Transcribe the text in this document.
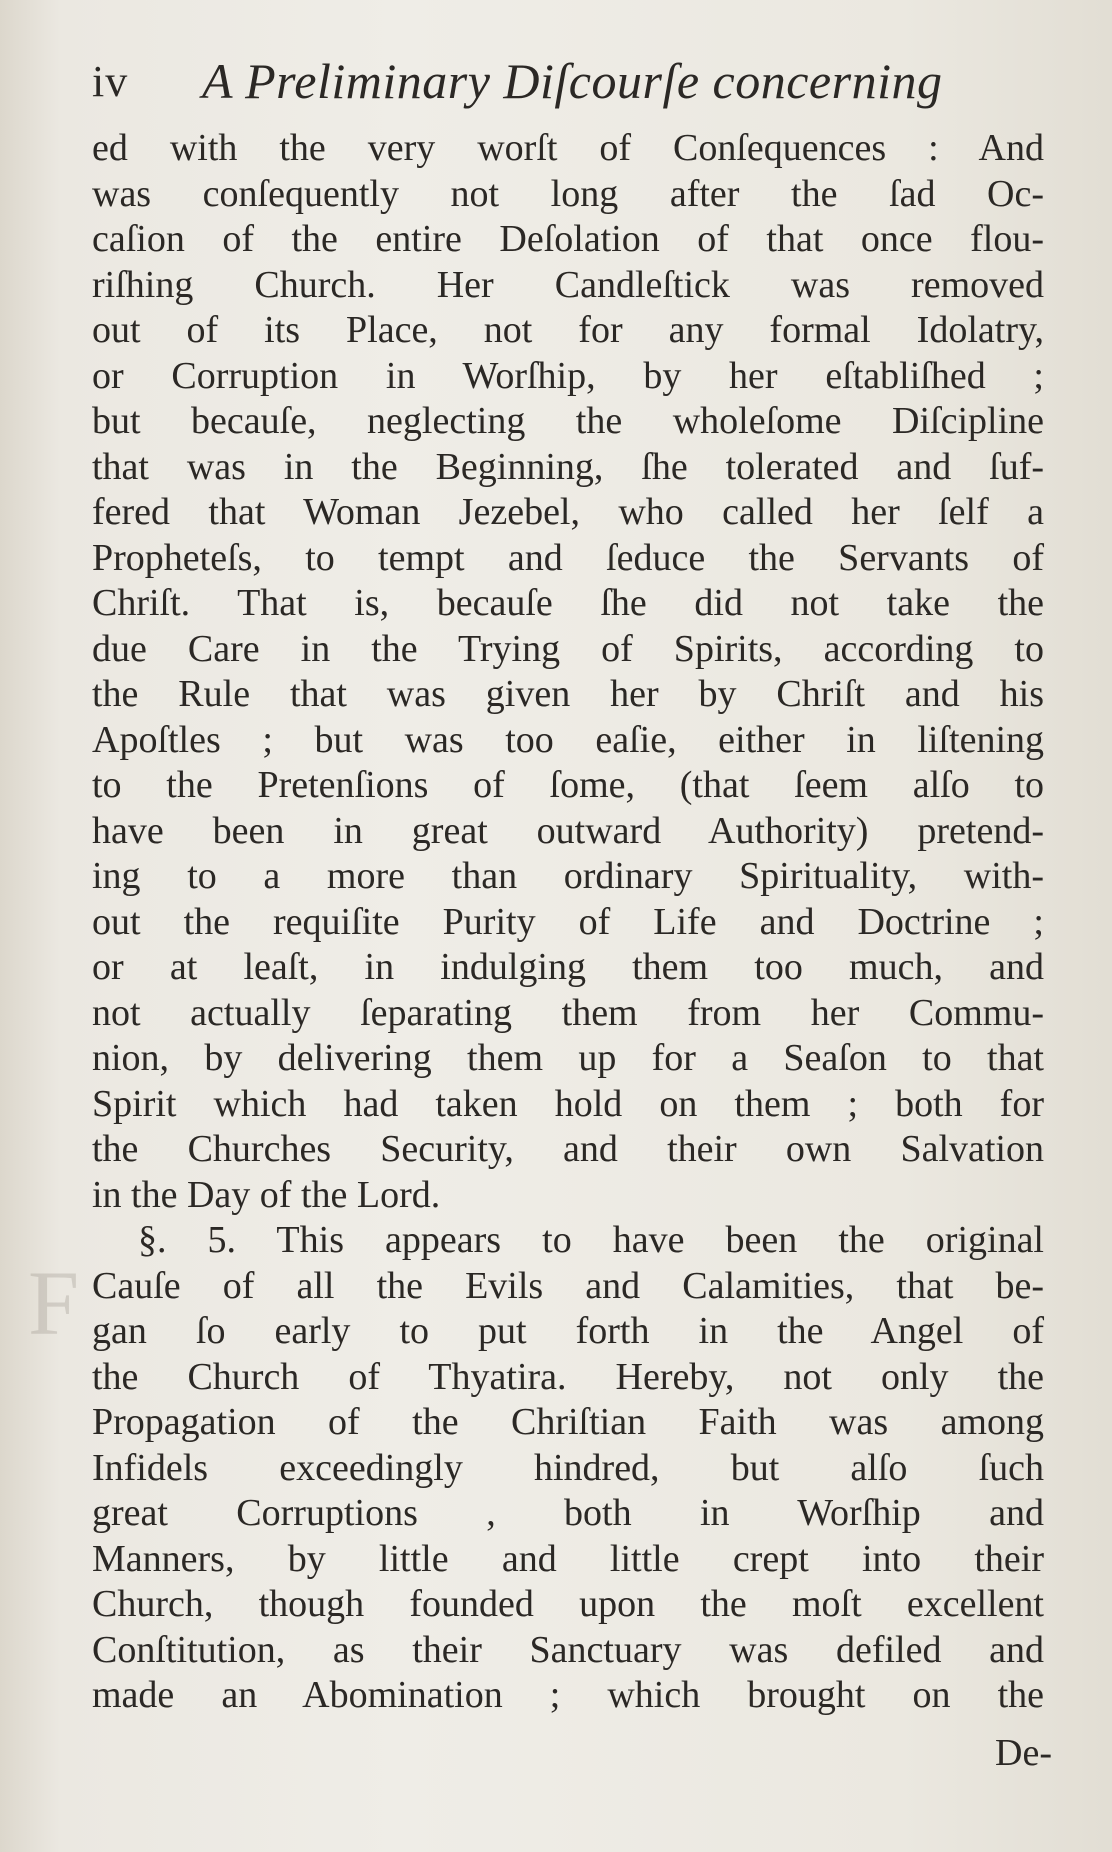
F
iv A Preliminary Diſcourſe concerning
ed with the very worſt of Conſequences : And
was conſequently not long after the ſad Oc-
caſion of the entire Deſolation of that once flou-
riſhing Church. Her Candleſtick was removed
out of its Place, not for any formal Idolatry,
or Corruption in Worſhip, by her eſtabliſhed ;
but becauſe, neglecting the wholeſome Diſcipline
that was in the Beginning, ſhe tolerated and ſuf-
fered that Woman Jezebel, who called her ſelf a
Propheteſs, to tempt and ſeduce the Servants of
Chriſt. That is, becauſe ſhe did not take the
due Care in the Trying of Spirits, according to
the Rule that was given her by Chriſt and his
Apoſtles ; but was too eaſie, either in liſtening
to the Pretenſions of ſome, (that ſeem alſo to
have been in great outward Authority) pretend-
ing to a more than ordinary Spirituality, with-
out the requiſite Purity of Life and Doctrine ;
or at leaſt, in indulging them too much, and
not actually ſeparating them from her Commu-
nion, by delivering them up for a Seaſon to that
Spirit which had taken hold on them ; both for
the Churches Security, and their own Salvation
in the Day of the Lord.
§. 5. This appears to have been the original
Cauſe of all the Evils and Calamities, that be-
gan ſo early to put forth in the Angel of
the Church of Thyatira. Hereby, not only the
Propagation of the Chriſtian Faith was among
Infidels exceedingly hindred, but alſo ſuch
great Corruptions , both in Worſhip and
Manners, by little and little crept into their
Church, though founded upon the moſt excellent
Conſtitution, as their Sanctuary was defiled and
made an Abomination ; which brought on the
De-
